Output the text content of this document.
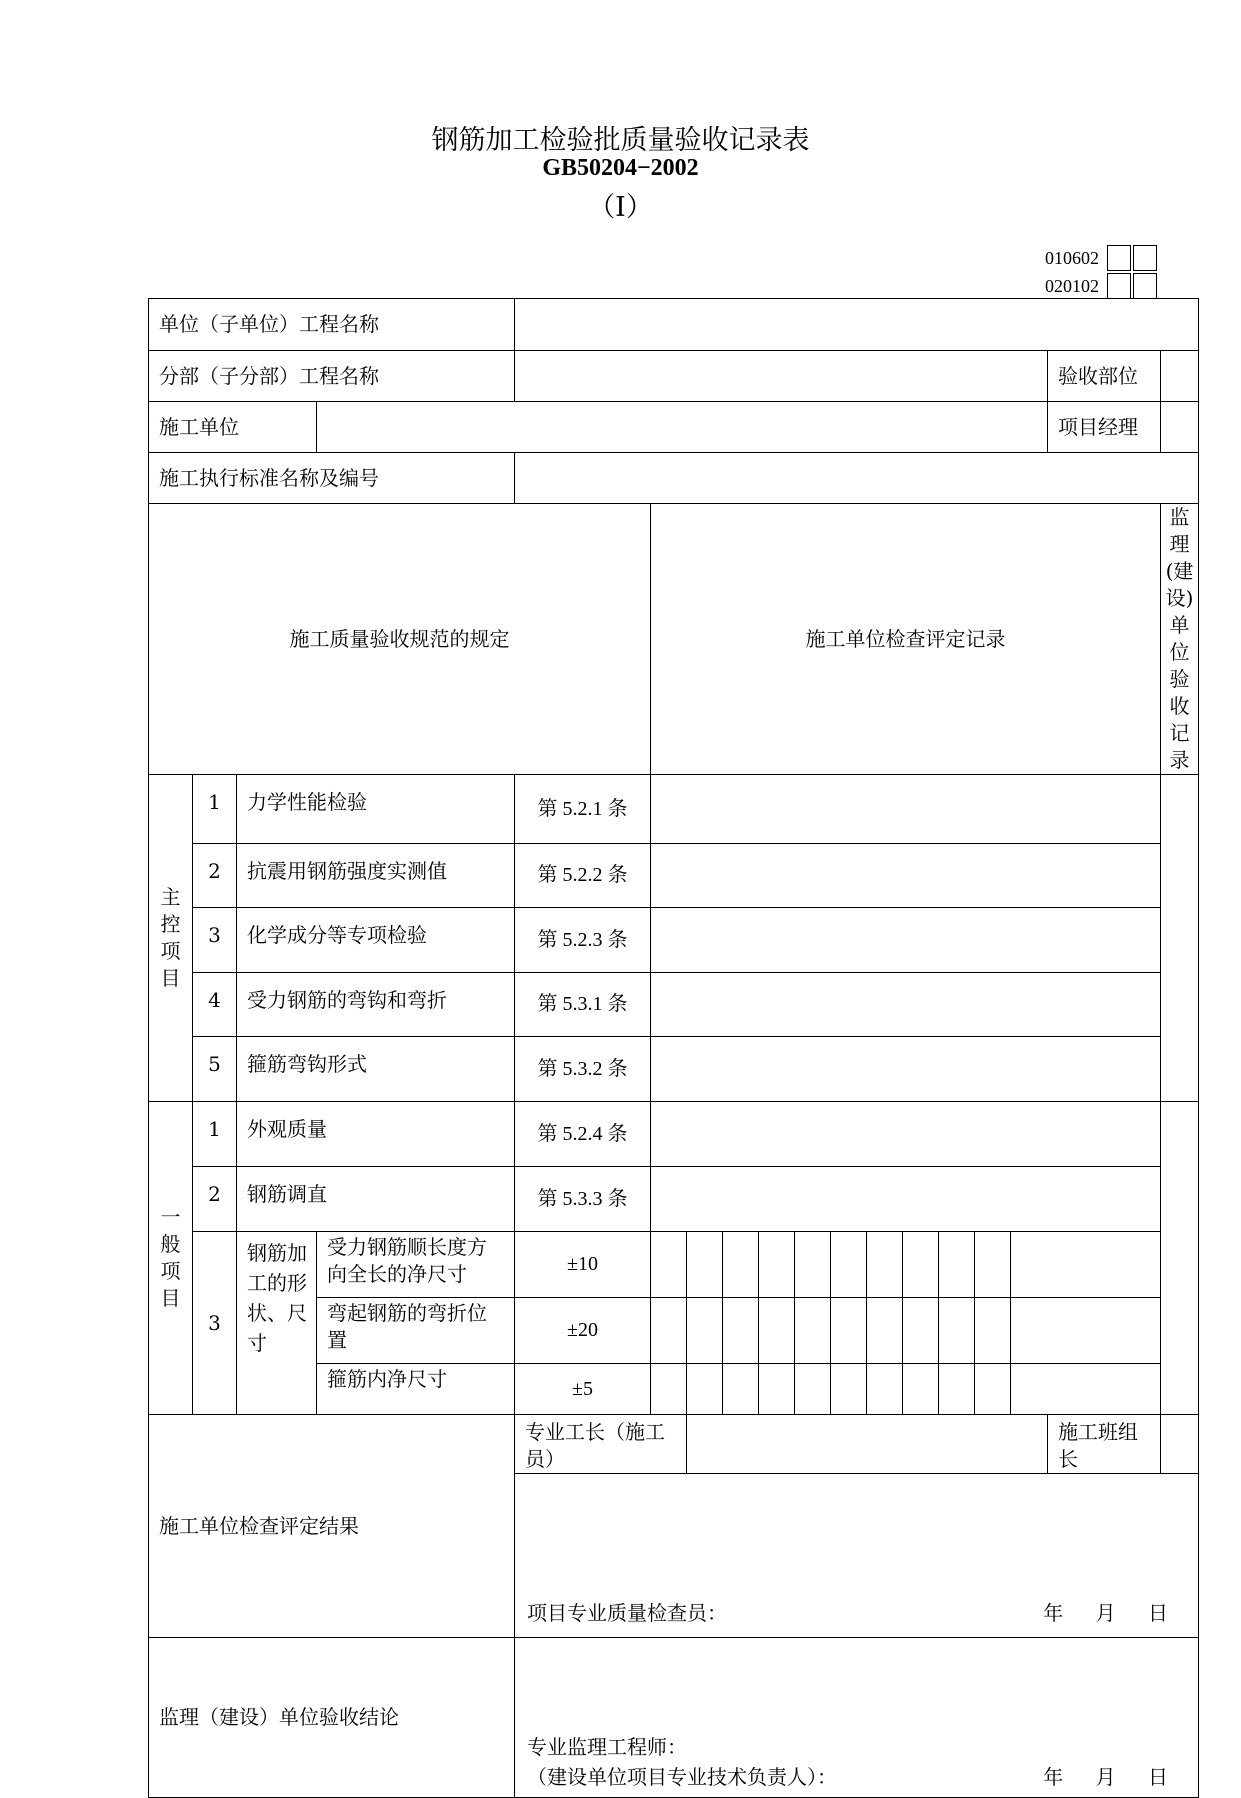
钢筋加工检验批质量验收记录表
GB50204−2002
（Ⅰ）
010602
020102
单位（子单位）工程名称																	
分部（子分部）工程名称																验收部位	
施工单位																项目经理	
施工执行标准名称及编号																	
施工质量验收规范的规定					施工单位检查评定记录												监理(建设)单位验收记录
主控项目	1	力学性能检验		第 5.2.1 条													
	2	抗震用钢筋强度实测值		第 5.2.2 条													
	3	化学成分等专项检验		第 5.2.3 条													
	4	受力钢筋的弯钩和弯折		第 5.3.1 条													
	5	箍筋弯钩形式		第 5.3.2 条													
一般项目	1	外观质量		第 5.2.4 条													
	2	钢筋调直		第 5.3.3 条													
	3	钢筋加工的形状、尺寸	受力钢筋顺长度方向全长的净尺寸	±10													
			弯起钢筋的弯折位置	±20													
			箍筋内净尺寸	±5													
施工单位检查评定结果				专业工长（施工员）												施工班组长	

				项目专业质量检查员： 年 月 日													

监理（建设）单位验收结论				专业监理工程师：
（建设单位项目专业技术负责人）： 年 月 日													
